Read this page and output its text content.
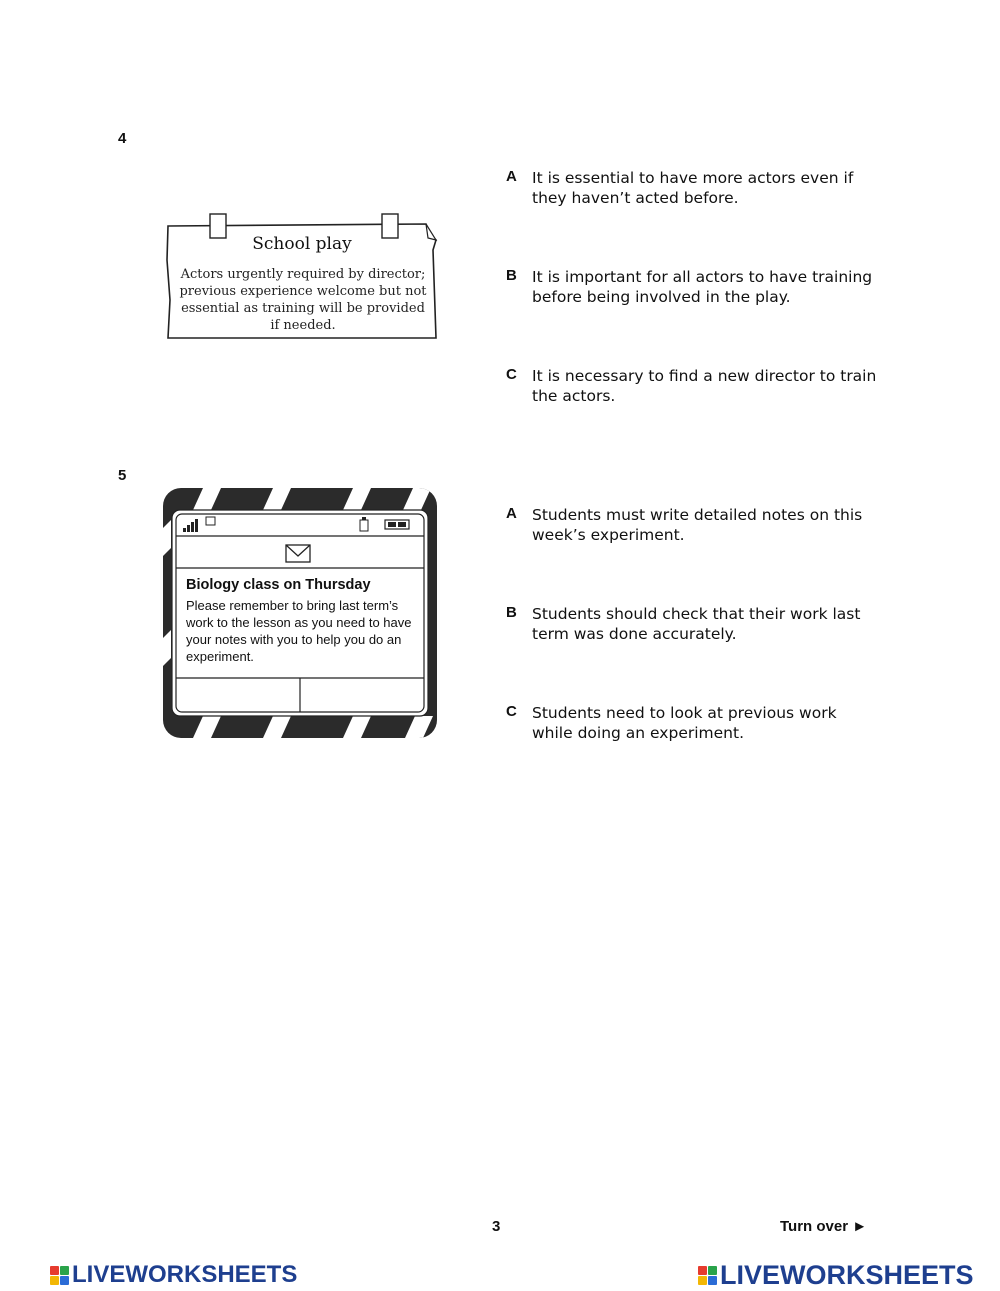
4
School play
Actors urgently required by director; previous experience welcome but not essential as training will be provided if needed.
A It is essential to have more actors even if they haven’t acted before.
B It is important for all actors to have training before being involved in the play.
C It is necessary to find a new director to train the actors.
5
Biology class on Thursday
Please remember to bring last term’s work to the lesson as you need to have your notes with you to help you do an experiment.
A Students must write detailed notes on this week’s experiment.
B Students should check that their work last term was done accurately.
C Students need to look at previous work while doing an experiment.
3	Turn over ►
LIVEWORKSHEETS	LIVEWORKSHEETS
